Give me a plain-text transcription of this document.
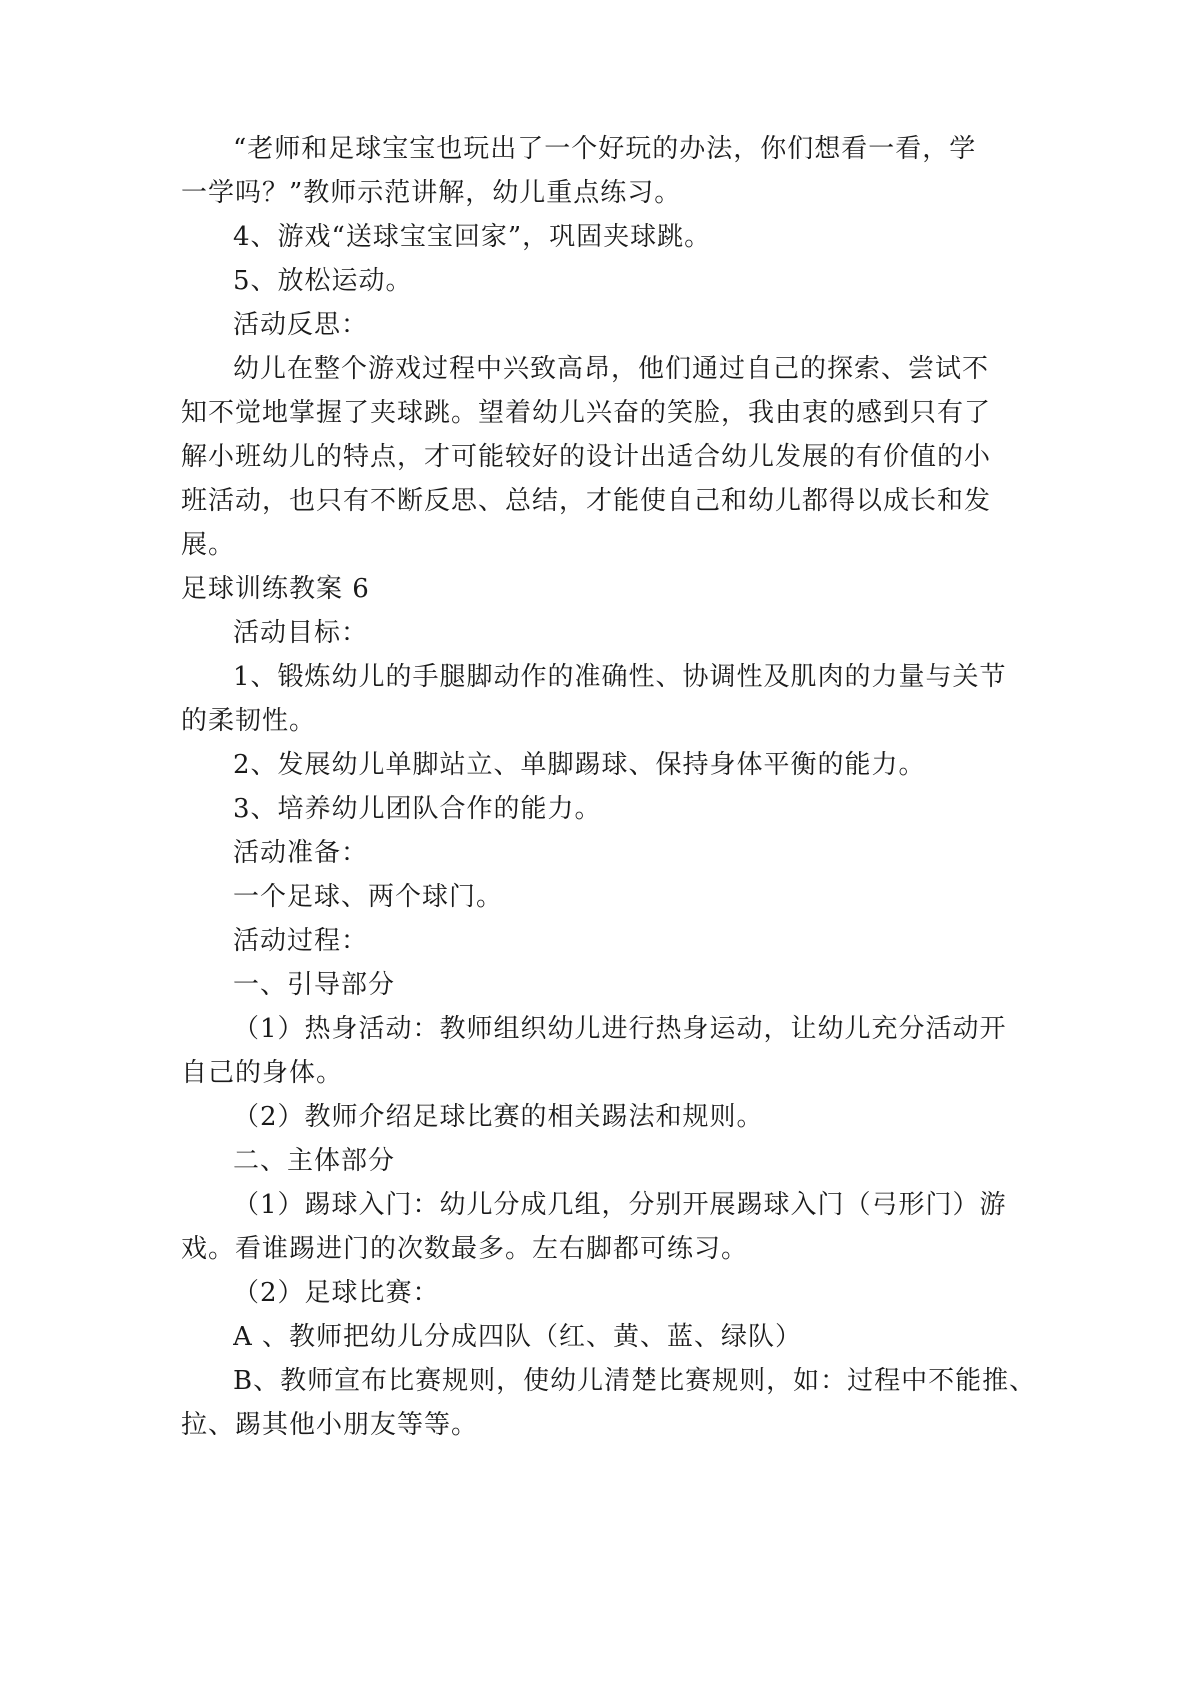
“老师和足球宝宝也玩出了一个好玩的办法，你们想看一看，学
一学吗？”教师示范讲解，幼儿重点练习。
4、游戏“送球宝宝回家”，巩固夹球跳。
5、放松运动。
活动反思：
幼儿在整个游戏过程中兴致高昂，他们通过自己的探索、尝试不
知不觉地掌握了夹球跳。望着幼儿兴奋的笑脸，我由衷的感到只有了
解小班幼儿的特点，才可能较好的设计出适合幼儿发展的有价值的小
班活动，也只有不断反思、总结，才能使自己和幼儿都得以成长和发
展。
足球训练教案 6
活动目标：
1、锻炼幼儿的手腿脚动作的准确性、协调性及肌肉的力量与关节
的柔韧性。
2、发展幼儿单脚站立、单脚踢球、保持身体平衡的能力。
3、培养幼儿团队合作的能力。
活动准备：
一个足球、两个球门。
活动过程：
一、引导部分
（1）热身活动：教师组织幼儿进行热身运动，让幼儿充分活动开
自己的身体。
（2）教师介绍足球比赛的相关踢法和规则。
二、主体部分
（1）踢球入门：幼儿分成几组，分别开展踢球入门（弓形门）游
戏。看谁踢进门的次数最多。左右脚都可练习。
（2）足球比赛：
A 、教师把幼儿分成四队（红、黄、蓝、绿队）
B、教师宣布比赛规则，使幼儿清楚比赛规则，如：过程中不能推、
拉、踢其他小朋友等等。
